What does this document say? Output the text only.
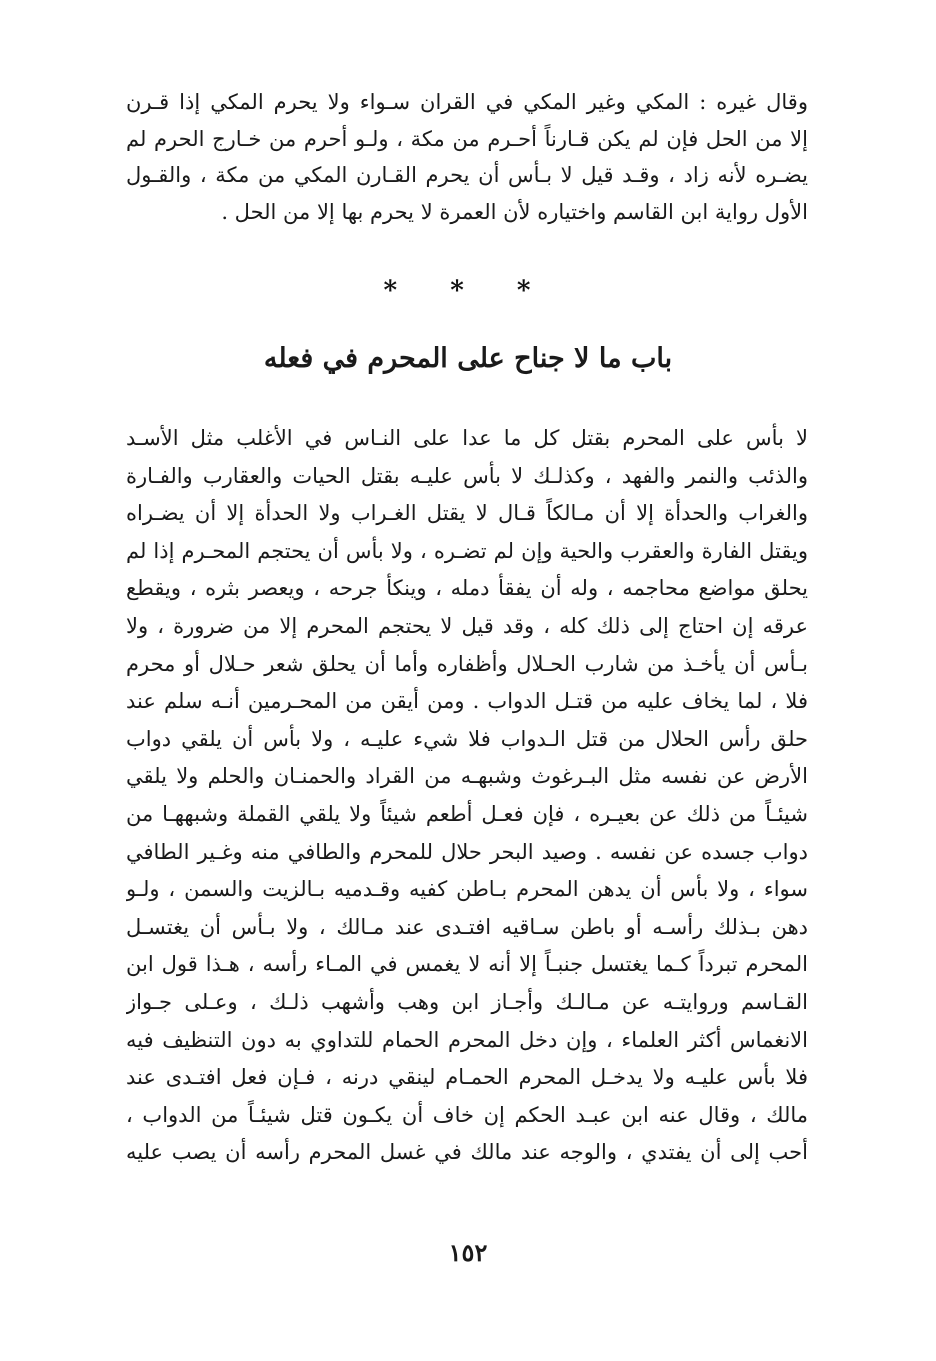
وقال غيره : المكي وغير المكي في القران سـواء ولا يحرم المكي إذا قـرن

إلا من الحل فإن لم يكن قـارناً أحـرم من مكة ، ولـو أحرم من خـارج الحرم لم

يضـره لأنه زاد ، وقـد قيل لا بـأس أن يحرم القـارن المكي من مكة ، والقـول

الأول رواية ابن القاسم واختياره لأن العمرة لا يحرم بها إلا من الحل .

* * *
باب ما لا جناح على المحرم في فعله

لا بأس على المحرم بقتل كل ما عدا على النـاس في الأغلب مثل الأسـد

والذئب والنمر والفهد ، وكذلـك لا بأس عليـه بقتل الحيات والعقارب والفـارة

والغراب والحدأة إلا أن مـالكاً قـال لا يقتل الغـراب ولا الحدأة إلا أن يضـراه

ويقتل الفارة والعقرب والحية وإن لم تضـره ، ولا بأس أن يحتجم المحـرم إذا لم

يحلق مواضع محاجمه ، وله أن يفقأ دمله ، وينكأ جرحه ، ويعصر بثره ، ويقطع

عرقه إن احتاج إلى ذلك كله ، وقد قيل لا يحتجم المحرم إلا من ضرورة ، ولا

بـأس أن يأخـذ من شارب الحـلال وأظفاره وأما أن يحلق شعر حـلال أو محرم

فلا ، لما يخاف عليه من قتـل الدواب . ومن أيقن من المحـرمين أنـه سلم عند

حلق رأس الحلال من قتل الـدواب فلا شيء عليـه ، ولا بأس أن يلقي دواب

الأرض عن نفسه مثل البـرغوث وشبهـه من القراد والحمنـان والحلم ولا يلقي

شيئـاً من ذلك عن بعيـره ، فإن فعـل أطعم شيئاً ولا يلقي القملة وشبههـا من

دواب جسده عن نفسه . وصيد البحر حلال للمحرم والطافي منه وغـير الطافي

سواء ، ولا بأس أن يدهن المحرم بـاطن كفيه وقـدميه بـالزيت والسمن ، ولـو

دهن بـذلك رأسـه أو باطن سـاقيه افتـدى عند مـالك ، ولا بـأس أن يغتسـل

المحرم تبرداً كـما يغتسل جنبـاً إلا أنه لا يغمس في المـاء رأسه ، هـذا قول ابن

القـاسم وروايتـه عن مـالـك وأجـاز ابن وهب وأشهب ذلـك ، وعـلى جـواز

الانغماس أكثر العلماء ، وإن دخل المحرم الحمام للتداوي به دون التنظيف فيه

فلا بأس عليـه ولا يدخـل المحرم الحمـام لينقي درنه ، فـإن فعل افتـدى عند

مالك ، وقال عنه ابن عبـد الحكم إن خاف أن يكـون قتل شيئـاً من الدواب ،

أحب إلى أن يفتدي ، والوجه عند مالك في غسل المحرم رأسه أن يصب عليه

١٥٢
